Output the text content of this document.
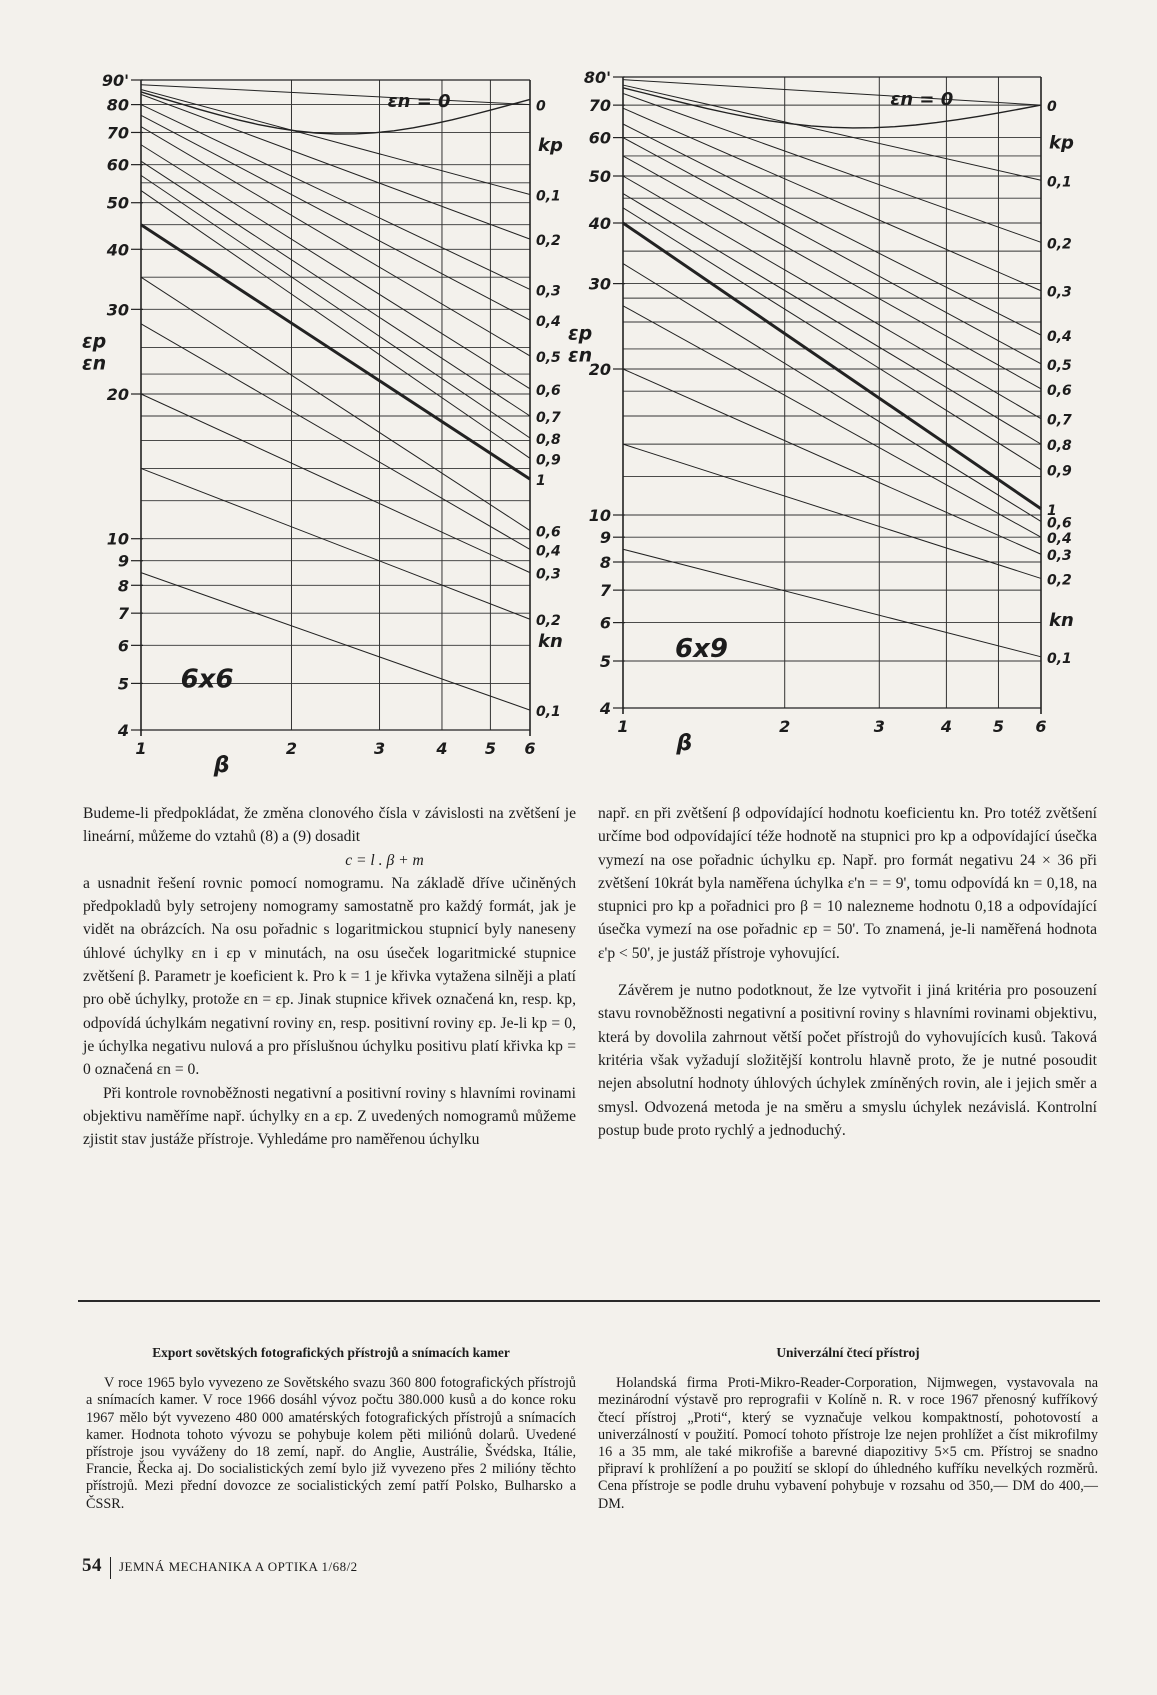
90'
80
70
60
50
40
30
20
10
9
8
7
6
5
4
εp
εn
1	2	3	4 5 6
β
0
0,1
0,2
0,3
0,4
0,5
0,6
0,7
0,8
0,9
1
kp
0,6
0,4
0,3
0,2
0,1
kn
εn = 0
6x6
80'
70
60
50
40
30
20
10
9
8
7
6
5
4
εp
εn
1	2	3	4	5 6
β
0
0,1
0,2
0,3
0,4
0,5
0,6
0,7
0,8
0,9
1
kp
0,6
0,4
0,3
0,2
0,1
kn
εn = 0
6x9

Budeme-li předpokládat, že změna clonového čísla v závislosti na zvětšení je lineární, můžeme do vztahů (8) a (9) dosadit

c = l . β + m

a usnadnit řešení rovnic pomocí nomogramu. Na základě dříve učiněných předpokladů byly setrojeny nomogramy samostatně pro každý formát, jak je vidět na obrázcích. Na osu pořadnic s logaritmickou stupnicí byly naneseny úhlové úchylky εn i εp v minutách, na osu úseček logaritmické stupnice zvětšení β. Parametr je koeficient k. Pro k = 1 je křivka vytažena silněji a platí pro obě úchylky, protože εn = εp. Jinak stupnice křivek označená kn, resp. kp, odpovídá úchylkám negativní roviny εn, resp. positivní roviny εp. Je-li kp = 0, je úchylka negativu nulová a pro příslušnou úchylku positivu platí křivka kp = 0 označená εn = 0.

Při kontrole rovnoběžnosti negativní a positivní roviny s hlavními rovinami objektivu naměříme např. úchylky εn a εp. Z uvedených nomogramů můžeme zjistit stav justáže přístroje. Vyhledáme pro naměřenou úchylku

např. εn při zvětšení β odpovídající hodnotu koeficientu kn. Pro totéž zvětšení určíme bod odpovídající téže hodnotě na stupnici pro kp a odpovídající úsečka vymezí na ose pořadnic úchylku εp. Např. pro formát negativu 24 × 36 při zvětšení 10krát byla naměřena úchylka ε'n = = 9', tomu odpovídá kn = 0,18, na stupnici pro kp a pořadnici pro β = 10 nalezneme hodnotu 0,18 a odpovídající úsečka vymezí na ose pořadnic εp = 50'. To znamená, je-li naměřená hodnota ε'p < 50', je justáž přístroje vyhovující.

Závěrem je nutno podotknout, že lze vytvořit i jiná kritéria pro posouzení stavu rovnoběžnosti negativní a positivní roviny s hlavními rovinami objektivu, která by dovolila zahrnout větší počet přístrojů do vyhovujících kusů. Taková kritéria však vyžadují složitější kontrolu hlavně proto, že je nutné posoudit nejen absolutní hodnoty úhlových úchylek zmíněných rovin, ale i jejich směr a smysl. Odvozená metoda je na směru a smyslu úchylek nezávislá. Kontrolní postup bude proto rychlý a jednoduchý.

Export sovětských fotografických přístrojů a snímacích kamer

V roce 1965 bylo vyvezeno ze Sovětského svazu 360 800 fotografických přístrojů a snímacích kamer. V roce 1966 dosáhl vývoz počtu 380.000 kusů a do konce roku 1967 mělo být vyvezeno 480 000 amatérských fotografických přístrojů a snímacích kamer. Hodnota tohoto vývozu se pohybuje kolem pěti miliónů dolarů. Uvedené přístroje jsou vyváženy do 18 zemí, např. do Anglie, Austrálie, Švédska, Itálie, Francie, Řecka aj. Do socialistických zemí bylo již vyvezeno přes 2 milióny těchto přístrojů. Mezi přední dovozce ze socialistických zemí patří Polsko, Bulharsko a ČSSR.

Univerzální čtecí přístroj

Holandská firma Proti-Mikro-Reader-Corporation, Nijmwegen, vystavovala na mezinárodní výstavě pro reprografii v Kolíně n. R. v roce 1967 přenosný kufříkový čtecí přístroj „Proti“, který se vyznačuje velkou kompaktností, pohotovostí a univerzálností v použití. Pomocí tohoto přístroje lze nejen prohlížet a číst mikrofilmy 16 a 35 mm, ale také mikrofiše a barevné diapozitivy 5×5 cm. Přístroj se snadno připraví k prohlížení a po použití se sklopí do úhledného kufříku nevelkých rozměrů. Cena přístroje se podle druhu vybavení pohybuje v rozsahu od 350,— DM do 400,— DM.

54 JEMNÁ MECHANIKA A OPTIKA 1/68/2
